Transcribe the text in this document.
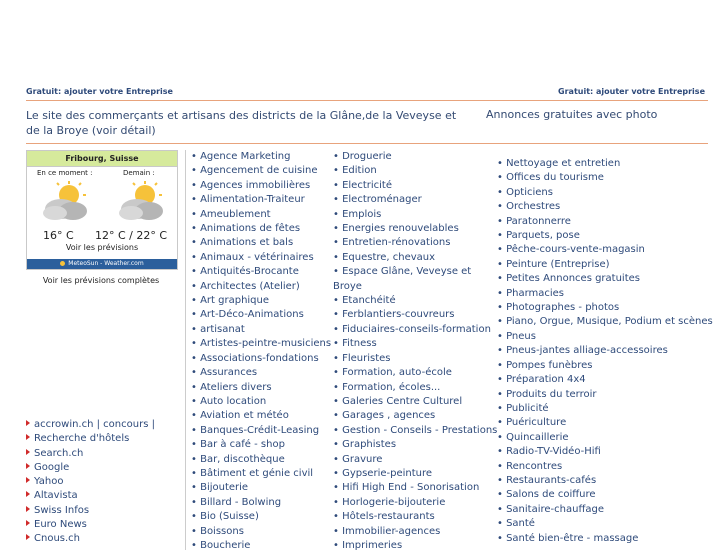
Gratuit: ajouter votre Entreprise	Gratuit: ajouter votre Entreprise
Le site des commerçants et artisans des districts de la Glâne,de la Veveyse et de la Broye (voir détail)
Annonces gratuites avec photo
Fribourg, Suisse
En ce moment :	Demain :
16° C 12° C / 22° C
Voir les prévisions
MeteoSun - Weather.com
Voir les prévisions complètes
accrowin.ch | concours |
Recherche d'hôtels
Search.ch
Google
Yahoo
Altavista
Swiss Infos
Euro News
Cnous.ch
• Agence Marketing
• Agencement de cuisine
• Agences immobilières
• Alimentation-Traiteur
• Ameublement
• Animations de fêtes
• Animations et bals
• Animaux - vétérinaires
• Antiquités-Brocante
• Architectes (Atelier)
• Art graphique
• Art-Déco-Animations
• artisanat
• Artistes-peintre-musiciens
• Associations-fondations
• Assurances
• Ateliers divers
• Auto location
• Aviation et météo
• Banques-Crédit-Leasing
• Bar à café - shop
• Bar, discothèque
• Bâtiment et génie civil
• Bijouterie
• Billard - Bolwing
• Bio (Suisse)
• Boissons
• Boucherie
• Droguerie
• Edition
• Electricité
• Electroménager
• Emplois
• Energies renouvelables
• Entretien-rénovations
• Equestre, chevaux
• Espace Glâne, Veveyse et Broye
• Etanchéité
• Ferblantiers-couvreurs
• Fiduciaires-conseils-formation
• Fitness
• Fleuristes
• Formation, auto-école
• Formation, écoles...
• Galeries Centre Culturel
• Garages , agences
• Gestion - Conseils - Prestations
• Graphistes
• Gravure
• Gypserie-peinture
• Hifi High End - Sonorisation
• Horlogerie-bijouterie
• Hôtels-restaurants
• Immobilier-agences
• Imprimeries
• Nettoyage et entretien
• Offices du tourisme
• Opticiens
• Orchestres
• Paratonnerre
• Parquets, pose
• Pêche-cours-vente-magasin
• Peinture (Entreprise)
• Petites Annonces gratuites
• Pharmacies
• Photographes - photos
• Piano, Orgue, Musique, Podium et scènes
• Pneus
• Pneus-jantes alliage-accessoires
• Pompes funèbres
• Préparation 4x4
• Produits du terroir
• Publicité
• Puériculture
• Quincaillerie
• Radio-TV-Vidéo-Hifi
• Rencontres
• Restaurants-cafés
• Salons de coiffure
• Sanitaire-chauffage
• Santé
• Santé bien-être - massage
